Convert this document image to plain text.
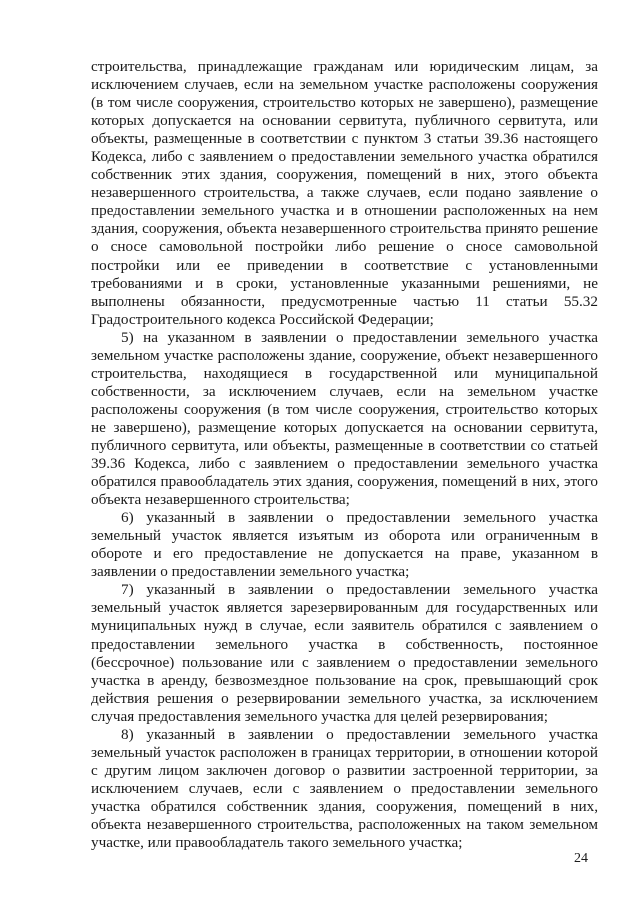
строительства, принадлежащие гражданам или юридическим лицам, за исключением случаев, если на земельном участке расположены сооружения (в том числе сооружения, строительство которых не завершено), размещение которых допускается на основании сервитута, публичного сервитута, или объекты, размещенные в соответствии с пунктом 3 статьи 39.36 настоящего Кодекса, либо с заявлением о предоставлении земельного участка обратился собственник этих здания, сооружения, помещений в них, этого объекта незавершенного строительства, а также случаев, если подано заявление о предоставлении земельного участка и в отношении расположенных на нем здания, сооружения, объекта незавершенного строительства принято решение о сносе самовольной постройки либо решение о сносе самовольной постройки или ее приведении в соответствие с установленными требованиями и в сроки, установленные указанными решениями, не выполнены обязанности, предусмотренные частью 11 статьи 55.32 Градостроительного кодекса Российской Федерации;

5) на указанном в заявлении о предоставлении земельного участка земельном участке расположены здание, сооружение, объект незавершенного строительства, находящиеся в государственной или муниципальной собственности, за исключением случаев, если на земельном участке расположены сооружения (в том числе сооружения, строительство которых не завершено), размещение которых допускается на основании сервитута, публичного сервитута, или объекты, размещенные в соответствии со статьей 39.36 Кодекса, либо с заявлением о предоставлении земельного участка обратился правообладатель этих здания, сооружения, помещений в них, этого объекта незавершенного строительства;

6) указанный в заявлении о предоставлении земельного участка земельный участок является изъятым из оборота или ограниченным в обороте и его предоставление не допускается на праве, указанном в заявлении о предоставлении земельного участка;

7) указанный в заявлении о предоставлении земельного участка земельный участок является зарезервированным для государственных или муниципальных нужд в случае, если заявитель обратился с заявлением о предоставлении земельного участка в собственность, постоянное (бессрочное) пользование или с заявлением о предоставлении земельного участка в аренду, безвозмездное пользование на срок, превышающий срок действия решения о резервировании земельного участка, за исключением случая предоставления земельного участка для целей резервирования;

8) указанный в заявлении о предоставлении земельного участка земельный участок расположен в границах территории, в отношении которой с другим лицом заключен договор о развитии застроенной территории, за исключением случаев, если с заявлением о предоставлении земельного участка обратился собственник здания, сооружения, помещений в них, объекта незавершенного строительства, расположенных на таком земельном участке, или правообладатель такого земельного участка;

24
